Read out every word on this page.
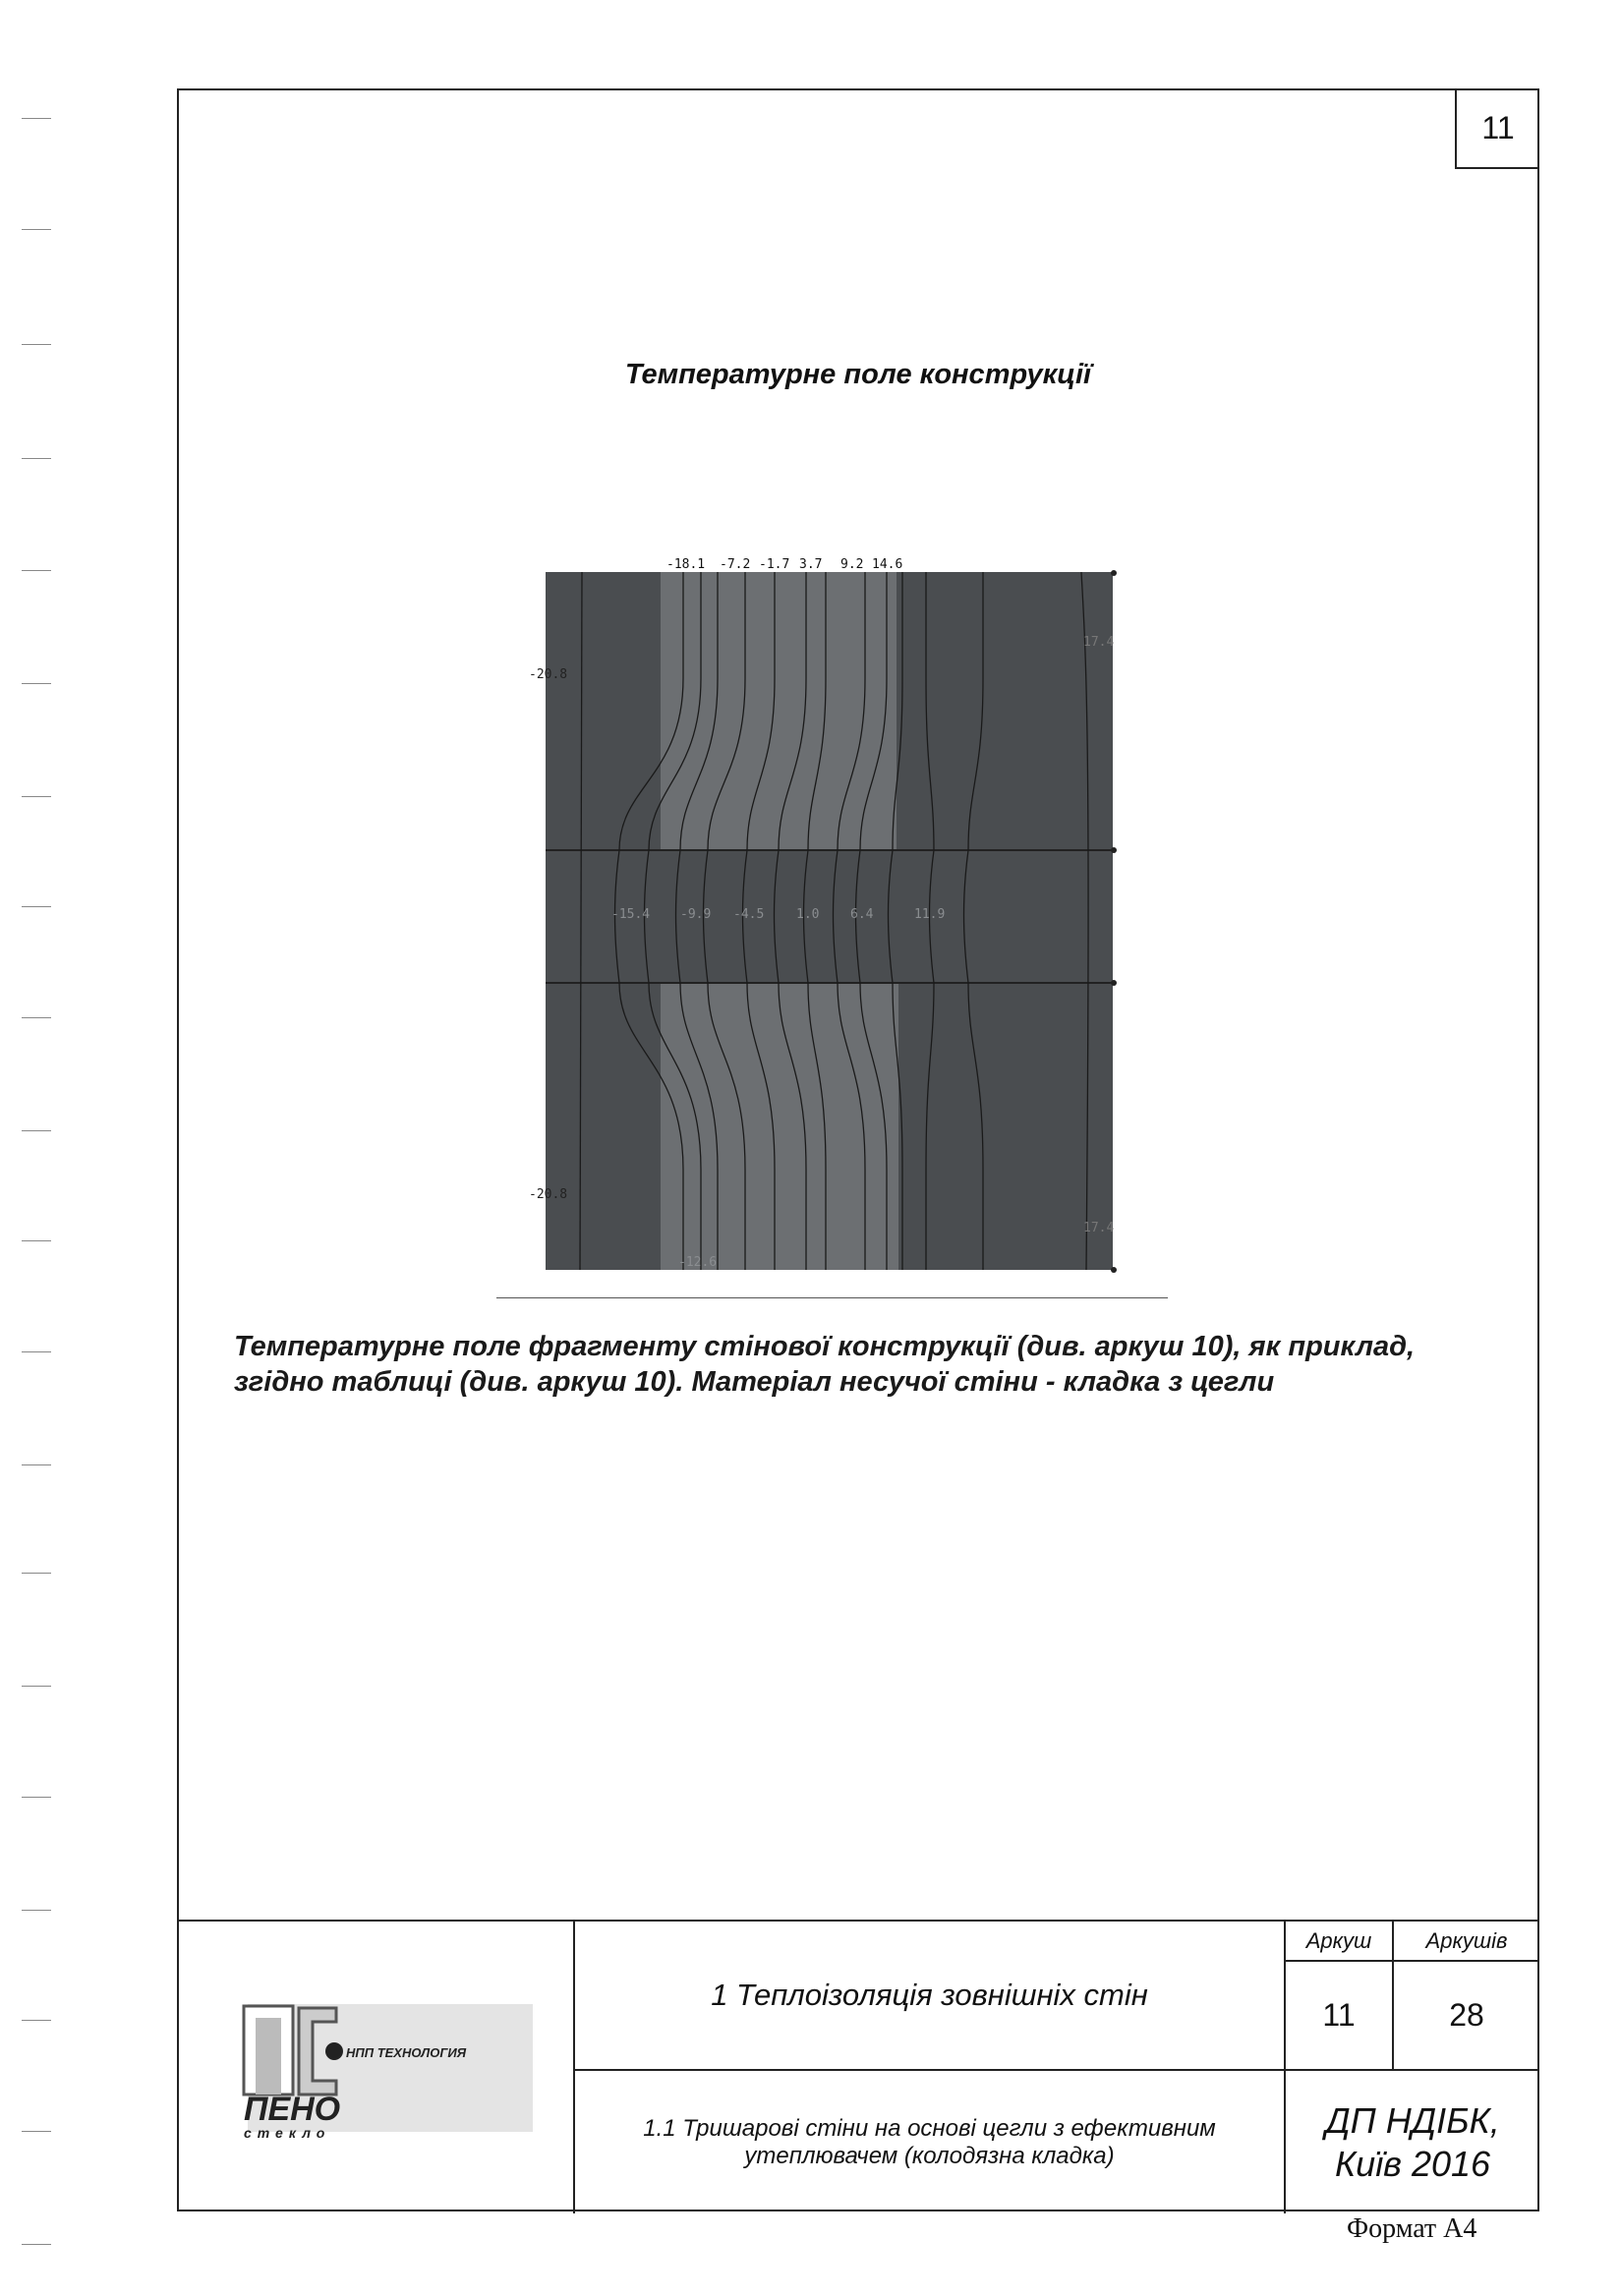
11
Температурне поле конструкції
-18.1 -7.2 -1.7 3.7 9.2 14.6
-15.4 -9.9 -4.5	1.0 6.4	11.9
-20.8
-20.8
17.4
17.4
-12.6
Температурне поле фрагменту стінової конструкції (див. аркуш 10), як приклад, згідно таблиці (див. аркуш 10). Матеріал несучої стіни - кладка з цегли
НПП ТЕХНОЛОГИЯ
ПЕНО
стекло
1 Теплоізоляція зовнішніх стін
1.1 Тришарові стіни на основі цегли з ефективним утеплювачем (колодязна кладка)
Аркуш	Аркушів
11	28
ДП НДІБК, Київ 2016
Формат А4
